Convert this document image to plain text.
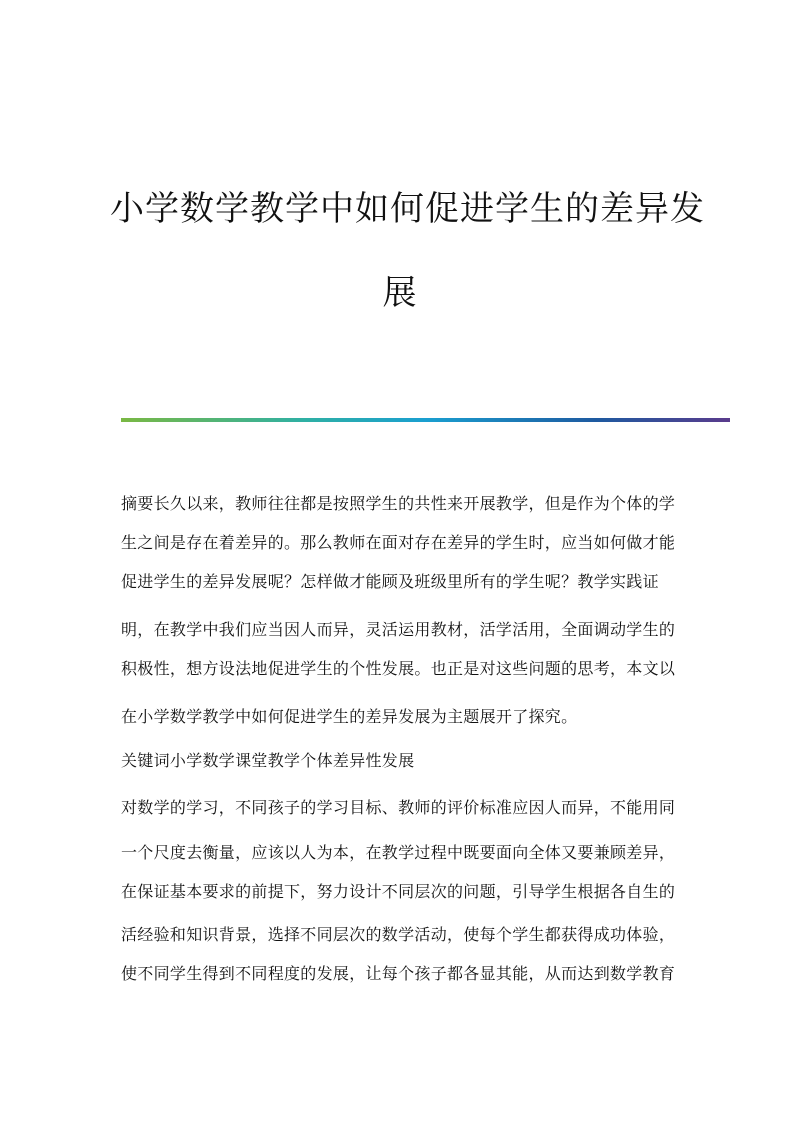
小学数学教学中如何促进学生的差异发
展
摘要长久以来，教师往往都是按照学生的共性来开展教学，但是作为个体的学
生之间是存在着差异的。那么教师在面对存在差异的学生时，应当如何做才能
促进学生的差异发展呢？怎样做才能顾及班级里所有的学生呢？教学实践证
明，在教学中我们应当因人而异，灵活运用教材，活学活用，全面调动学生的
积极性，想方设法地促进学生的个性发展。也正是对这些问题的思考，本文以
在小学数学教学中如何促进学生的差异发展为主题展开了探究。
关键词小学数学课堂教学个体差异性发展
对数学的学习，不同孩子的学习目标、教师的评价标准应因人而异，不能用同
一个尺度去衡量，应该以人为本，在教学过程中既要面向全体又要兼顾差异，
在保证基本要求的前提下，努力设计不同层次的问题，引导学生根据各自生的
活经验和知识背景，选择不同层次的数学活动，使每个学生都获得成功体验，
使不同学生得到不同程度的发展，让每个孩子都各显其能，从而达到数学教育
